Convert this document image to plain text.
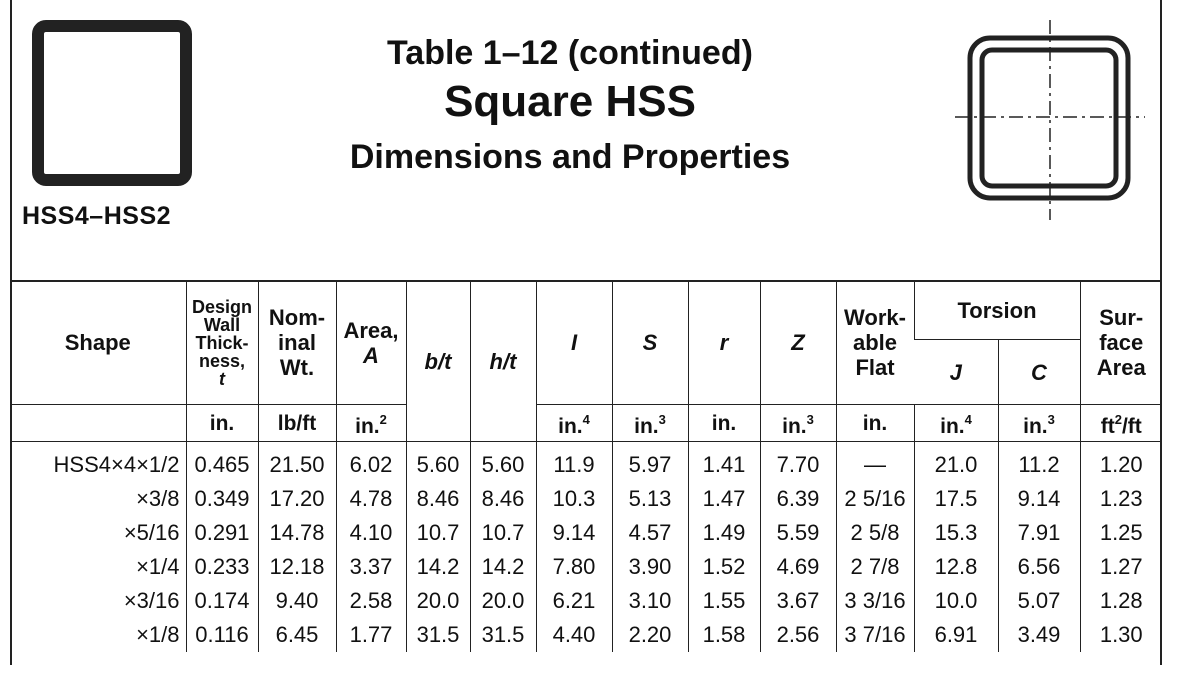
Table 1–12 (continued)
Square HSS
Dimensions and Properties
HSS4–HSS2
Shape	Design
Wall
Thick-
ness,
t	Nom-
inal
Wt.	Area,
A	b/t	h/t	I	S	r	Z	Work-
able
Flat	Torsion		Sur-
face
Area
											J	C	
	in.	lb/ft	in.$^2$			in.$^4$	in.$^3$	in.	in.$^3$	in.	in.$^4$	in.$^3$	$ft^2/ft$
HSS4×4×1/2	0.465	21.50	6.02	5.60	5.60	11.9	5.97	1.41	7.70	—	21.0	11.2	1.20
×3/8	0.349	17.20	4.78	8.46	8.46	10.3	5.13	1.47	6.39	2 5/16	17.5	9.14	1.23
×5/16	0.291	14.78	4.10	10.7	10.7	9.14	4.57	1.49	5.59	2 5/8	15.3	7.91	1.25
×1/4	0.233	12.18	3.37	14.2	14.2	7.80	3.90	1.52	4.69	2 7/8	12.8	6.56	1.27
×3/16	0.174	9.40	2.58	20.0	20.0	6.21	3.10	1.55	3.67	3 3/16	10.0	5.07	1.28
×1/8	0.116	6.45	1.77	31.5	31.5	4.40	2.20	1.58	2.56	3 7/16	6.91	3.49	1.30
